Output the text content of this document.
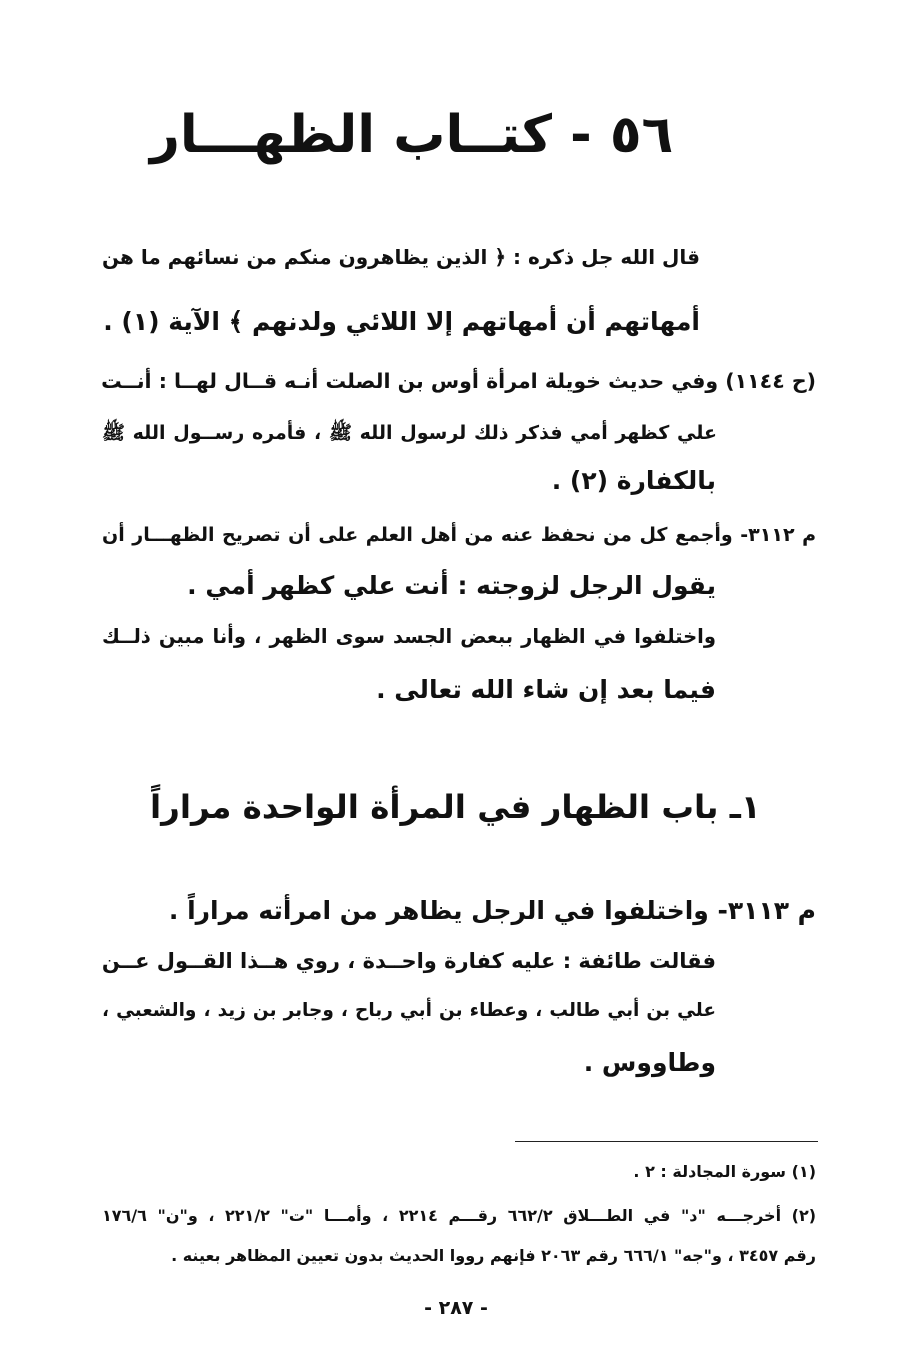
٥٦ - كتــاب الظهـــار
قال الله جل ذكره : ﴿ الذين يظاهرون منكم من نسائهم ما هن
أمهاتهم أن أمهاتهم إلا اللائي ولدنهم ﴾ الآية (١) .
(ح ١١٤٤) وفي حديث خويلة امرأة أوس بن الصلت أنـه قــال لهــا : أنــت
علي كظهر أمي فذكر ذلك لرسول الله ﷺ ، فأمره رســول الله ﷺ
بالكفارة (٢) .
م ٣١١٢- وأجمع كل من نحفظ عنه من أهل العلم على أن تصريح الظهـــار أن
يقول الرجل لزوجته : أنت علي كظهر أمي .
واختلفوا في الظهار ببعض الجسد سوى الظهر ، وأنا مبين ذلــك
فيما بعد إن شاء الله تعالى .
١ـ باب الظهار في المرأة الواحدة مراراً
م ٣١١٣- واختلفوا في الرجل يظاهر من امرأته مراراً .
فقالت طائفة : عليه كفارة واحــدة ، روي هــذا القــول عــن
علي بن أبي طالب ، وعطاء بن أبي رباح ، وجابر بن زيد ، والشعبي ،
وطاووس .
(١) سورة المجادلة : ٢ .
(٢) أخرجـــه "د" في الطـــلاق ٦٦٢/٢ رقـــم ٢٢١٤ ، وأمـــا "ت" ٢٢١/٢ ، و"ن" ١٧٦/٦
رقم ٣٤٥٧ ، و"جه" ٦٦٦/١ رقم ٢٠٦٣ فإنهم رووا الحديث بدون تعيين المظاهر بعينه .
- ٢٨٧ -
